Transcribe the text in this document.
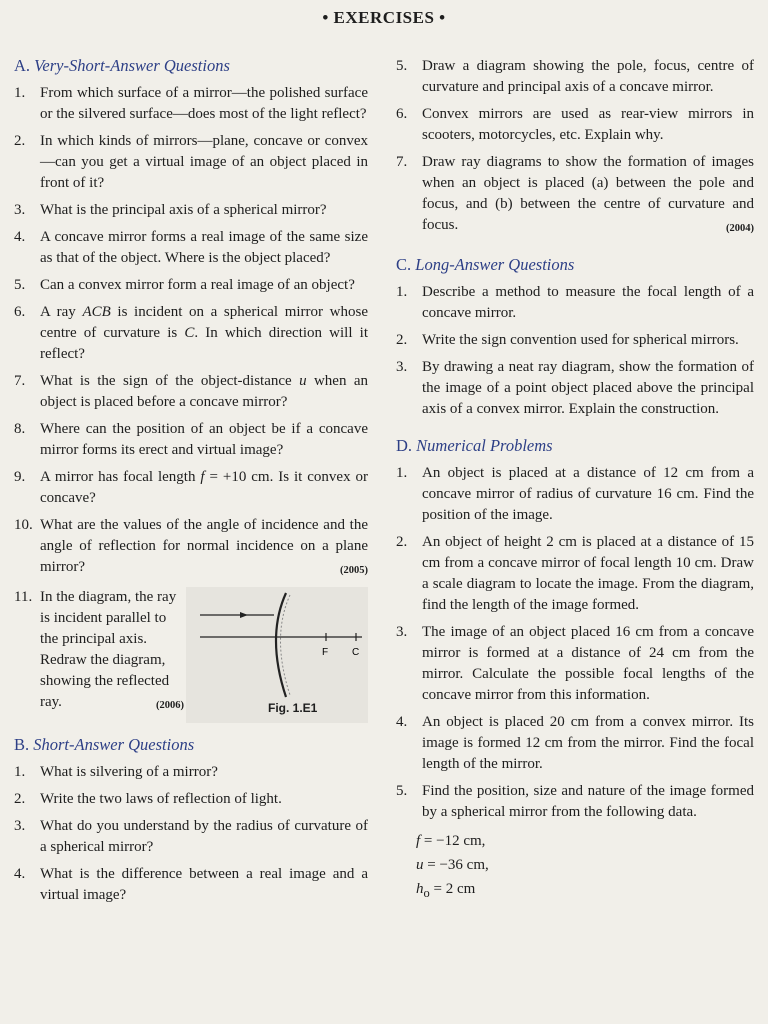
• EXERCISES •
A. Very-Short-Answer Questions
1. From which surface of a mirror—the polished surface or the silvered surface—does most of the light reflect?
2. In which kinds of mirrors—plane, concave or convex—can you get a virtual image of an object placed in front of it?
3. What is the principal axis of a spherical mirror?
4. A concave mirror forms a real image of the same size as that of the object. Where is the object placed?
5. Can a convex mirror form a real image of an object?
6. A ray ACB is incident on a spherical mirror whose centre of curvature is C. In which direction will it reflect?
7. What is the sign of the object-distance u when an object is placed before a concave mirror?
8. Where can the position of an object be if a concave mirror forms its erect and virtual image?
9. A mirror has focal length f = +10 cm. Is it convex or concave?
10. What are the values of the angle of incidence and the angle of reflection for normal incidence on a plane mirror?	(2005)
11. In the diagram, the ray is incident parallel to the principal axis. Redraw the diagram, showing the reflected ray.	(2006)
F C
Fig. 1.E1
B. Short-Answer Questions
1. What is silvering of a mirror?
2. Write the two laws of reflection of light.
3. What do you understand by the radius of curvature of a spherical mirror?
4. What is the difference between a real image and a virtual image?
5. Draw a diagram showing the pole, focus, centre of curvature and principal axis of a concave mirror.
6. Convex mirrors are used as rear-view mirrors in scooters, motorcycles, etc. Explain why.
7. Draw ray diagrams to show the formation of images when an object is placed (a) between the pole and focus, and (b) between the centre of curvature and focus.	(2004)
C. Long-Answer Questions
1. Describe a method to measure the focal length of a concave mirror.
2. Write the sign convention used for spherical mirrors.
3. By drawing a neat ray diagram, show the formation of the image of a point object placed above the principal axis of a convex mirror. Explain the construction.
D. Numerical Problems
1. An object is placed at a distance of 12 cm from a concave mirror of radius of curvature 16 cm. Find the position of the image.
2. An object of height 2 cm is placed at a distance of 15 cm from a concave mirror of focal length 10 cm. Draw a scale diagram to locate the image. From the diagram, find the length of the image formed.
3. The image of an object placed 16 cm from a concave mirror is formed at a distance of 24 cm from the mirror. Calculate the possible focal lengths of the concave mirror from this information.
4. An object is placed 20 cm from a convex mirror. Its image is formed 12 cm from the mirror. Find the focal length of the mirror.
5. Find the position, size and nature of the image formed by a spherical mirror from the following data.
f = −12 cm,
u = −36 cm,
$h_o = 2$ cm
